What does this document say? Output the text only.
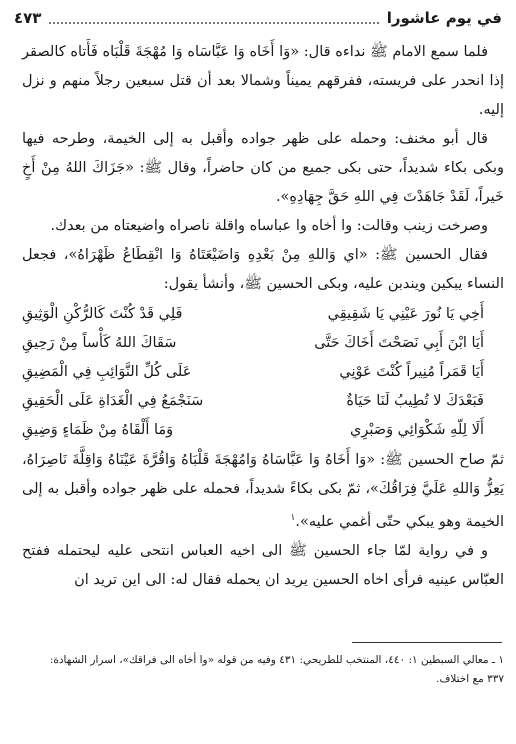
في يوم عاشورا
٤٧٣

فلما سمع الامام ﷺ نداءه قال: «وَا أَخَاه وَا عَبَّاسَاه وَا مُهْجَةَ قَلْبَاه فَأَتاه كالصقر إذا انحدر على فريسته، ففرقهم يميناً وشمالا بعد أن قتل سبعين رجلاً منهم و نزل إليه.

قال أبو مخنف: وحمله على ظهر جواده وأقبل به إلى الخيمة، وطرحه فيها وبكى بكاء شديداً، حتى بكى جميع من كان حاضراً، وقال ﷺ: «جَزَاكَ اللهُ مِنْ أَخٍ خَيراً، لَقَدْ جَاهَدْتَ فِي اللهِ حَقَّ جِهَادِهِ».

وصرخت زينب وقالت: وا أخاه وا عباساه واقلة ناصراه واضيعتاه من بعدك.

فقال الحسين ﷺ: «اي وَاللهِ مِنْ بَعْدِهِ وَاضَيْعَتَاهُ وَا انْقِطَاعُ ظَهْرَاهُ»، فجعل النساء يبكين ويندبن عليه، وبكى الحسين ﷺ، وأنشأ يقول:

أَخِي يَا نُورَ عَيْنِي يَا شَقِيقِي	فَلِي قَدْ كُنْتَ كَالرُّكْنِ الْوَثِيقِ
أَيَا ابْنَ أَبِي نَصَحْتَ أَخَاكَ حَتَّى	سَقَاكَ اللهُ كَأْساً مِنْ رَحِيقِ
أَيَا قَمَراً مُنِيراً كُنْتَ عَوْنِي	عَلَى كُلِّ النَّوَائِبِ فِي الْمَضِيقِ
فَبَعْدَكَ لا تُطِيبُ لَنَا حَيَاةٌ	سَنَجْمَعُ فِي الْغَدَاةِ عَلَى الْحَقِيقِ
أَلَا لِلّهِ شَكْوَائِي وَصَبْرِي	وَمَا أَلْقَاهُ مِنْ ظَمَاءٍ وَضِيقِ

ثمّ صاح الحسين ﷺ: «وَا أَخَاهُ وَا عَبَّاسَاهُ وَامُهْجَةَ قَلْبَاهُ وَاقُرَّةَ عَيْنَاهُ وَاقِلَّةَ نَاصِرَاهُ، يَعِزُّ وَاللهِ عَلَيَّ فِرَاقُكَ»، ثمّ بكى بكاءً شديداً، فحمله على ظهر جواده وأقبل به إلى الخيمة وهو يبكي حتّى أغمي عليه».$^١$

و في رواية لمّا جاء الحسين ﷺ الى اخيه العباس انتحى عليه ليحتمله ففتح العبّاس عينيه فرأى اخاه الحسين يريد ان يحمله فقال له: الى اين تريد ان

١ ـ معالي السبطين ١: ٤٤٠، المنتخب للطريحي: ٤٣١ وفيه من قوله «وا أخاه الى فراقك»، اسرار الشهادة:
٣٣٧ مع اختلاف.
